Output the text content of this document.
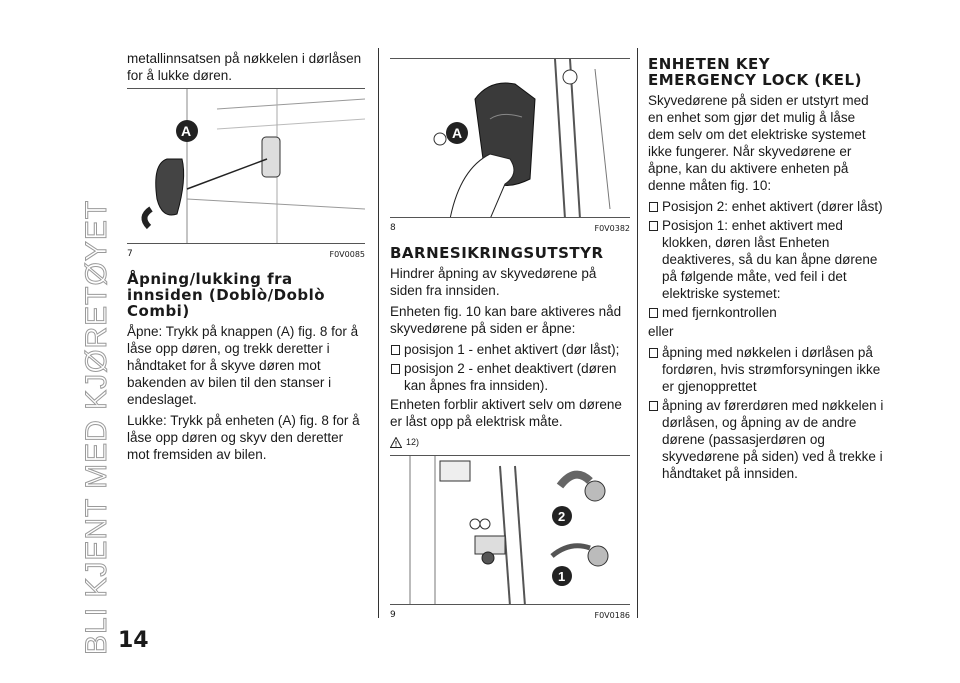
BLI KJENT MED KJØRETØYET 14

metallinnsatsen på nøkkelen i dørlåsen for å lukke døren.

A
7	F0V0085
Åpning/lukking fra innsiden (Doblò/Doblò Combi)

Åpne: Trykk på knappen (A) fig. 8 for å låse opp døren, og trekk deretter i håndtaket for å skyve døren mot bakenden av bilen til den stanser i endeslaget.

Lukke: Trykk på enheten (A) fig. 8 for å låse opp døren og skyv den deretter mot fremsiden av bilen.

A
8	F0V0382
BARNESIKRINGSUTSTYR

Hindrer åpning av skyvedørene på siden fra innsiden.

Enheten fig. 10 kan bare aktiveres nåd skyvedørene på siden er åpne:

posisjon 1 - enhet aktivert (dør låst);
posisjon 2 - enhet deaktivert (døren kan åpnes fra innsiden).

Enheten forblir aktivert selv om dørene er låst opp på elektrisk måte.

12)
2
1
9	F0V0186
ENHETEN KEY EMERGENCY LOCK (KEL)

Skyvedørene på siden er utstyrt med en enhet som gjør det mulig å låse dem selv om det elektriske systemet ikke fungerer. Når skyvedørene er åpne, kan du aktivere enheten på denne måten fig. 10:

Posisjon 2: enhet aktivert (dører låst)
Posisjon 1: enhet aktivert med klokken, døren låst Enheten deaktiveres, så du kan åpne dørene på følgende måte, ved feil i det elektriske systemet:
med fjernkontrollen

eller

åpning med nøkkelen i dørlåsen på fordøren, hvis strømforsyningen ikke er gjenopprettet
åpning av førerdøren med nøkkelen i dørlåsen, og åpning av de andre dørene (passasjerdøren og skyvedørene på siden) ved å trekke i håndtaket på innsiden.
